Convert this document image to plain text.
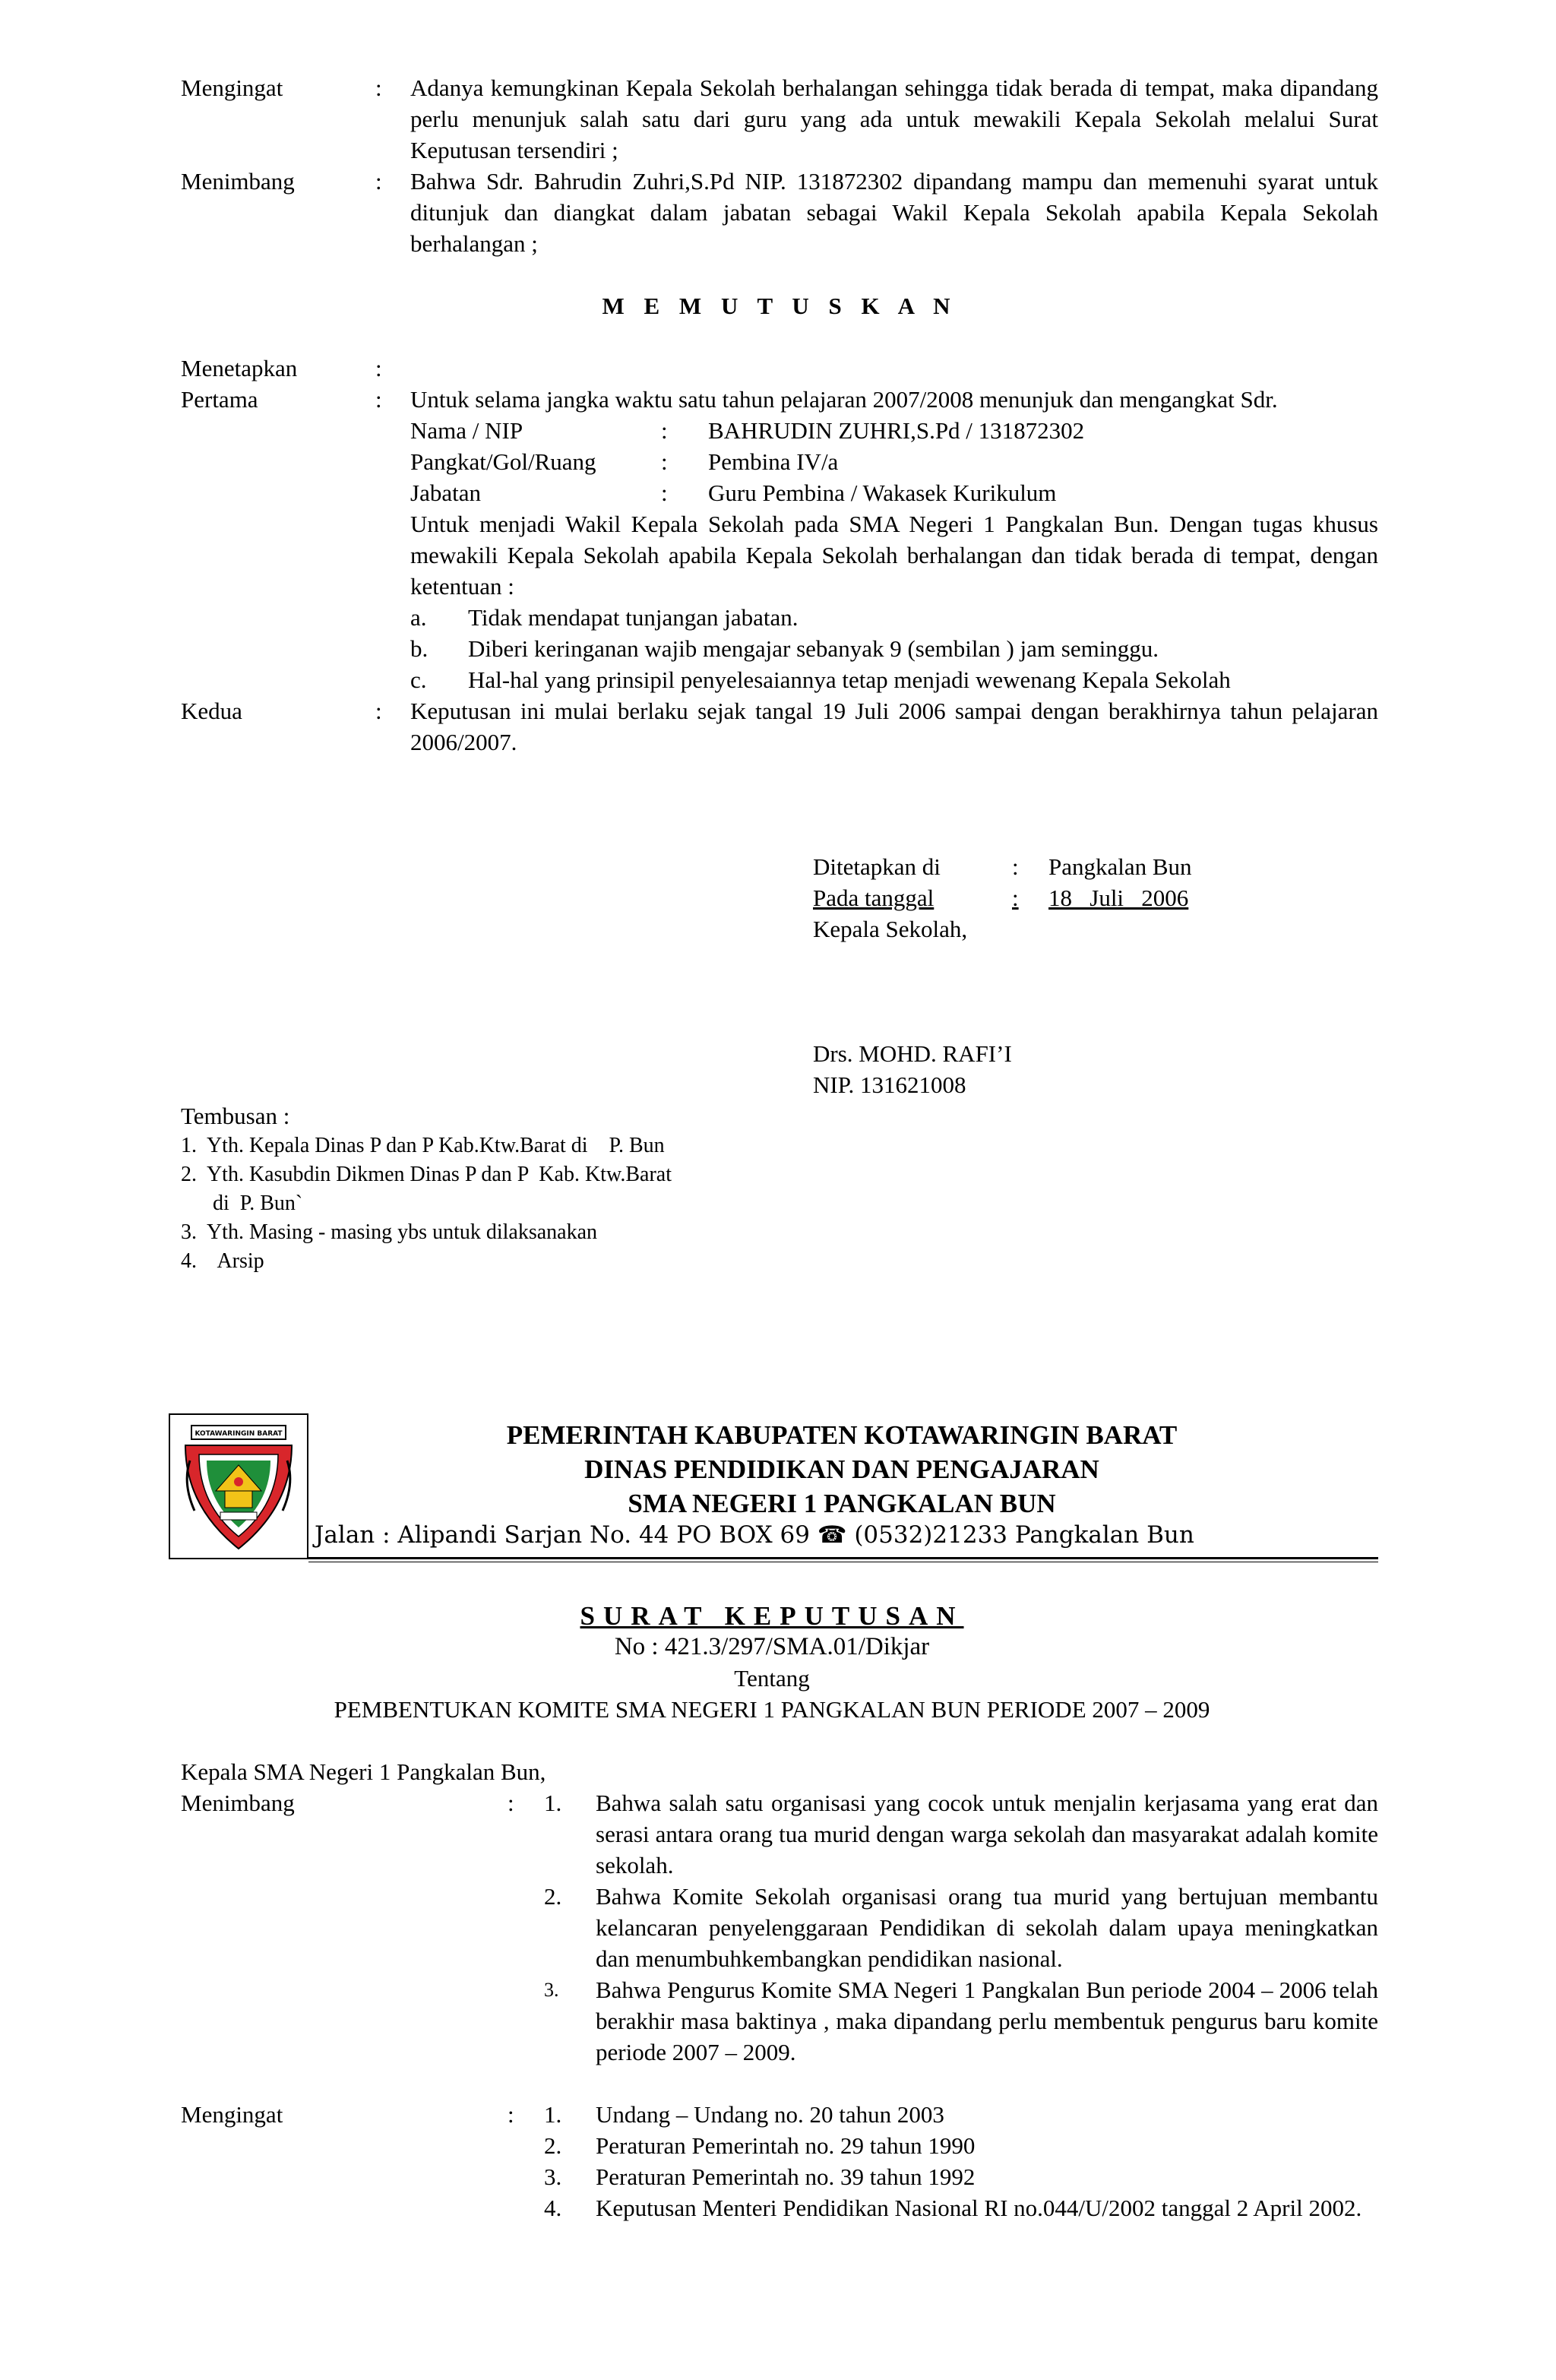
Mengingat	:	Adanya kemungkinan Kepala Sekolah berhalangan sehingga tidak berada di tempat, maka dipandang perlu menunjuk salah satu dari guru yang ada untuk mewakili Kepala Sekolah melalui Surat Keputusan tersendiri ;
Menimbang	:	Bahwa Sdr. Bahrudin Zuhri,S.Pd NIP. 131872302 dipandang mampu dan memenuhi syarat untuk ditunjuk dan diangkat dalam jabatan sebagai Wakil Kepala Sekolah apabila Kepala Sekolah berhalangan ;
M E M U T U S K A N
Menetapkan	:
Pertama	:	Untuk selama jangka waktu satu tahun pelajaran 2007/2008 menunjuk dan mengangkat Sdr.
Nama / NIP	:	BAHRUDIN ZUHRI,S.Pd / 131872302
Pangkat/Gol/Ruang	:	Pembina IV/a
Jabatan	:	Guru Pembina / Wakasek Kurikulum
Untuk menjadi Wakil Kepala Sekolah pada SMA Negeri 1 Pangkalan Bun. Dengan tugas khusus mewakili Kepala Sekolah apabila Kepala Sekolah berhalangan dan tidak berada di tempat, dengan ketentuan :
a.	Tidak mendapat tunjangan jabatan.
b.	Diberi keringanan wajib mengajar sebanyak 9 (sembilan ) jam seminggu.
c.	Hal-hal yang prinsipil penyelesaiannya tetap menjadi wewenang Kepala Sekolah
Kedua	:	Keputusan ini mulai berlaku sejak tangal 19 Juli 2006 sampai dengan berakhirnya tahun pelajaran 2006/2007.
Ditetapkan di	:	Pangkalan Bun
Pada tanggal	:	18   Juli   2006
Kepala Sekolah,
Drs. MOHD. RAFI’I
NIP. 131621008
Tembusan :
1.  Yth. Kepala Dinas P dan P Kab.Ktw.Barat di    P. Bun
2.  Yth. Kasubdin Dikmen Dinas P dan P  Kab. Ktw.Barat
di  P. Bun`
3.  Yth. Masing - masing ybs untuk dilaksanakan
4.    Arsip
KOTAWARINGIN BARAT	PEMERINTAH KABUPATEN KOTAWARINGIN BARAT
DINAS PENDIDIKAN DAN PENGAJARAN
SMA NEGERI 1 PANGKALAN BUN
Jalan : Alipandi Sarjan No. 44 PO BOX 69 ☎ (0532)21233 Pangkalan Bun
SURAT KEPUTUSAN
No : 421.3/297/SMA.01/Dikjar
Tentang
PEMBENTUKAN KOMITE SMA NEGERI 1 PANGKALAN BUN PERIODE 2007 – 2009
Kepala SMA Negeri 1 Pangkalan Bun,
Menimbang	:	1.	Bahwa salah satu organisasi yang cocok untuk menjalin kerjasama yang erat dan serasi antara orang tua murid dengan warga sekolah dan masyarakat adalah komite sekolah.
2.	Bahwa Komite Sekolah organisasi orang tua murid yang bertujuan membantu kelancaran penyelenggaraan Pendidikan di sekolah dalam upaya meningkatkan dan menumbuhkembangkan pendidikan nasional.
3.	Bahwa Pengurus Komite SMA Negeri 1 Pangkalan Bun periode 2004 – 2006 telah berakhir masa baktinya , maka dipandang perlu membentuk pengurus baru komite periode 2007 – 2009.
Mengingat	:	1.	Undang – Undang no. 20 tahun 2003
2.	Peraturan Pemerintah no. 29 tahun 1990
3.	Peraturan Pemerintah no. 39 tahun 1992
4.	Keputusan Menteri Pendidikan Nasional RI no.044/U/2002 tanggal 2 April 2002.
